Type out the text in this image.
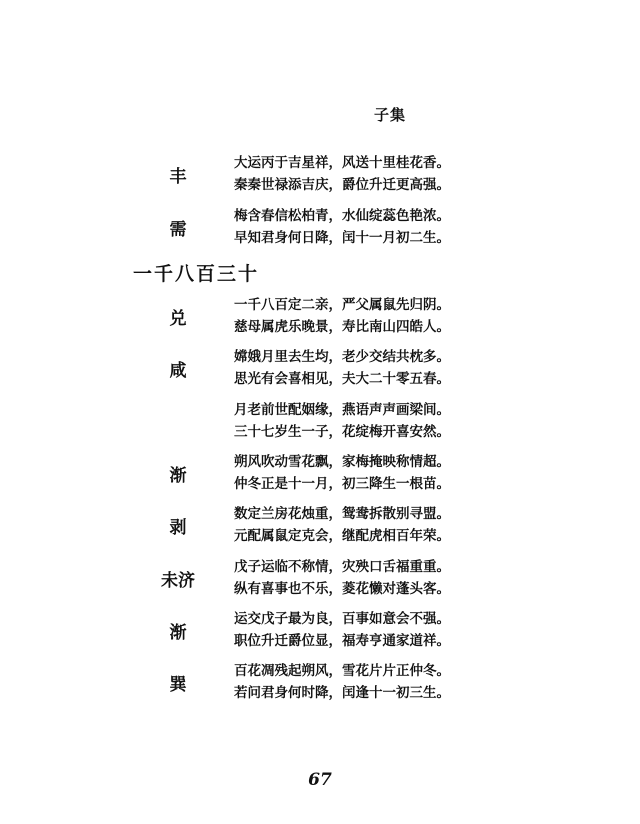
子集
丰
大运丙于吉星祥，风送十里桂花香。
秦秦世禄添吉庆，爵位升迁更高强。
需
梅含春信松柏青，水仙绽蕊色艳浓。
早知君身何日降，闰十一月初二生。
一千八百三十
兑
一千八百定二亲，严父属鼠先归阴。
慈母属虎乐晚景，寿比南山四皓人。
咸
嫦娥月里去生均，老少交结共枕多。
思光有会喜相见，夫大二十零五春。
月老前世配姻缘，燕语声声画梁间。
三十七岁生一子，花绽梅开喜安然。
渐
朔风吹动雪花飘，家梅掩映称情超。
仲冬正是十一月，初三降生一根苗。
剥
数定兰房花烛重，鸳鸯拆散别寻盟。
元配属鼠定克会，继配虎相百年荣。
未济
戊子运临不称情，灾殃口舌福重重。
纵有喜事也不乐，菱花懒对蓬头客。
渐
运交戊子最为良，百事如意会不强。
职位升迁爵位显，福寿亨通家道祥。
巽
百花凋残起朔风，雪花片片正仲冬。
若问君身何时降，闰逢十一初三生。
67
